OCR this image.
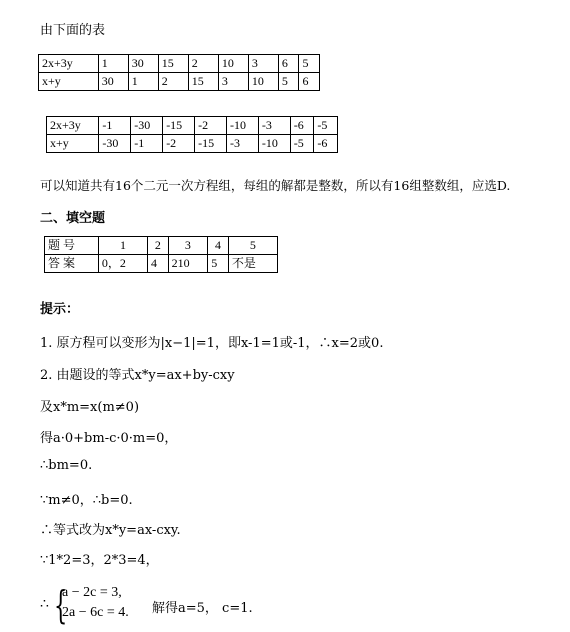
由下面的表
2x+3y	1	30	15	2	10	3	6	5
x+y	30	1	2	15	3	10	5	6
2x+3y	-1	-30	-15	-2	-10	-3	-6	-5
x+y	-30	-1	-2	-15	-3	-10	-5	-6
可以知道共有16个二元一次方程组，每组的解都是整数，所以有16组整数组，应选D.
二、填空题
题 号	1	2	3	4	5
答 案	0，2	4	210	5	不是
提示：
1. 原方程可以变形为|x−1|=1，即x-1=1或-1，∴x=2或0.
2. 由题设的等式x*y=ax+by-cxy
及x*m=x(m≠0)
得a·0+bm-c·0·m=0，
∴bm=0.
∵m≠0，∴b=0.
∴等式改为x*y=ax-cxy.
∵1*2=3，2*3=4，
∴ {
a − 2c = 3,
2a − 6c = 4. 解得a=5， c=1.
